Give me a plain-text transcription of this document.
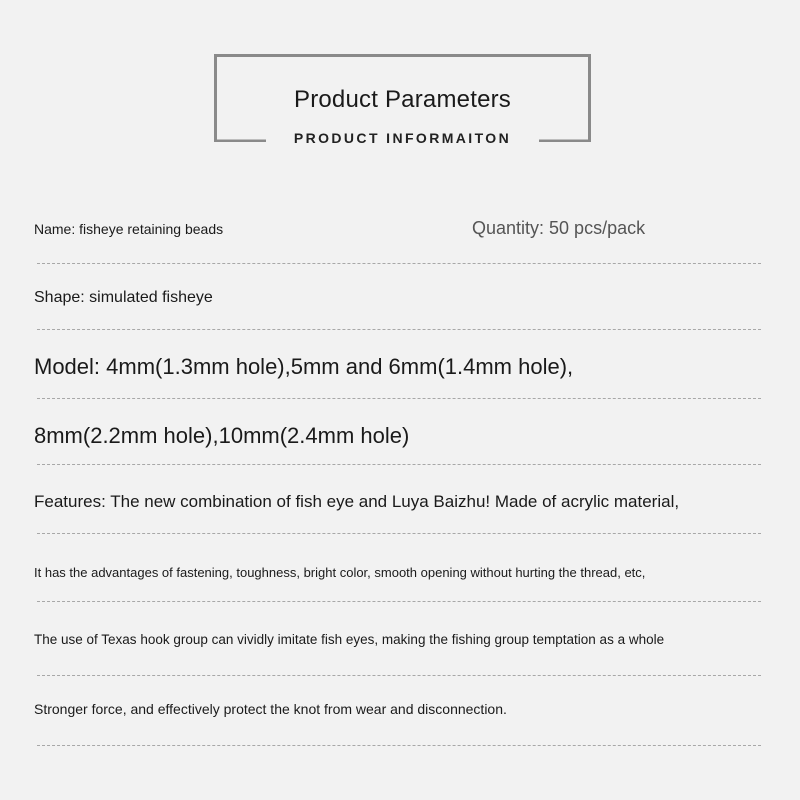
Product Parameters
PRODUCT INFORMAITON
Name: fisheye retaining beads	Quantity: 50 pcs/pack
Shape: simulated fisheye
Model: 4mm(1.3mm hole),5mm and 6mm(1.4mm hole),
8mm(2.2mm hole),10mm(2.4mm hole)
Features: The new combination of fish eye and Luya Baizhu! Made of acrylic material,
It has the advantages of fastening, toughness, bright color, smooth opening without hurting the thread, etc,
The use of Texas hook group can vividly imitate fish eyes, making the fishing group temptation as a whole
Stronger force, and effectively protect the knot from wear and disconnection.
